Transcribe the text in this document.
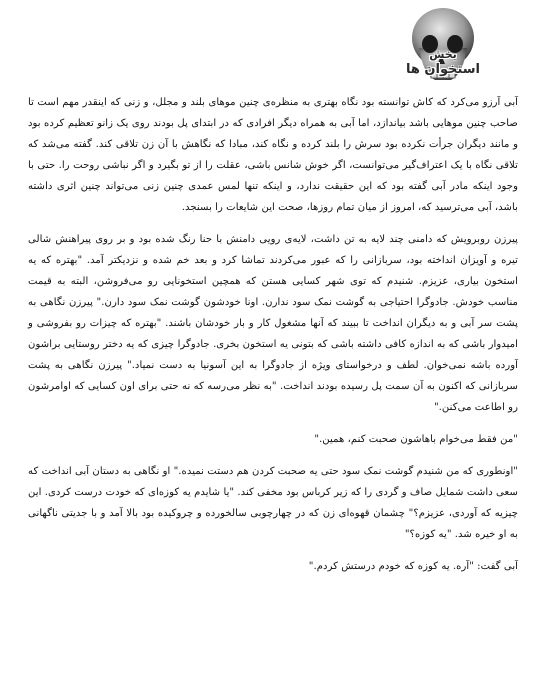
بخش
استخوان ها

آبی آرزو می‌کرد که کاش توانسته بود نگاه بهتری به منظره‌ی چنین موهای بلند و مجلل، و زنی که اینقدر مهم است تا صاحب چنین موهایی باشد بیاندازد، اما آبی به همراه دیگر افرادی که در ابتدای پل بودند روی یک زانو تعظیم کرده بود و مانند دیگران جرأت نکرده بود سرش را بلند کرده و نگاه کند، مبادا که نگاهش با آن زن تلاقی کند. گفته می‌شد که تلاقی نگاه با یک اعتراف‌گیر می‌توانست، اگر خوش شانس باشی، عقلت را از تو بگیرد و اگر نباشی روحت را. حتی با وجود اینکه مادر آبی گفته بود که این حقیقت ندارد، و اینکه تنها لمس عمدی چنین زنی می‌تواند چنین اثری داشته باشد، آبی می‌ترسید که، امروز از میان تمام روزها، صحت این شایعات را بسنجد.

پیرزن روبرویش که دامنی چند لایه به تن داشت، لایه‌ی رویی دامنش با حنا رنگ شده بود و بر روی پیراهنش شالی تیره و آویزان انداخته بود، سرباز‌انی را که عبور می‌کردند تماشا کرد و بعد خم شده و نزدیکتر آمد. "بهتره که یه استخون بیاری، عزیزم. شنیدم که توی شهر کسایی هستن که همچین استخونایی رو می‌فروشن، البته به قیمت مناسب خودش. جادوگرا احتیاجی به گوشت نمک سود ندارن. اونا خودشون گوشت نمک سود دارن." پیرزن نگاهی به پشت سر آبی و به دیگران انداخت تا ببیند که آنها مشغول کار و بار خودشان باشند. "بهتره که چیزات رو بفروشی و امیدوار باشی که به اندازه کافی داشته باشی که بتونی یه استخون بخری. جادوگرا چیزی که یه دختر روستایی براشون آورده باشه نمی‌خوان. لطف و درخواستای ویژه از جادوگرا به این آسونیا به دست نمیاد." پیرزن نگاهی به پشت سربازانی که اکنون به آن سمت پل رسیده بودند انداخت. "به نظر می‌رسه که نه حتی برای اون کسایی که اوامرشون رو اطاعت می‌کنن."

"من فقط می‌خوام باهاشون صحبت کنم، همین."

"اونطوری که من شنیدم گوشت نمک سود حتی یه صحبت کردن هم دستت نمیده." او نگاهی به دستان آبی انداخت که سعی داشت شمایل صاف و گردی را که زیر کرباس بود مخفی کند. "یا شایدم یه کوزه‌ای که خودت درست کردی. این چیزیه که آوردی، عزیزم؟" چشمان قهوه‌ای زن که در چهارچوبی سالخورده و چروکیده بود بالا آمد و با جدیتی ناگهانی به او خیره شد. "یه کوزه؟"

آبی گفت: "آره. یه کوزه که خودم درستش کردم."
